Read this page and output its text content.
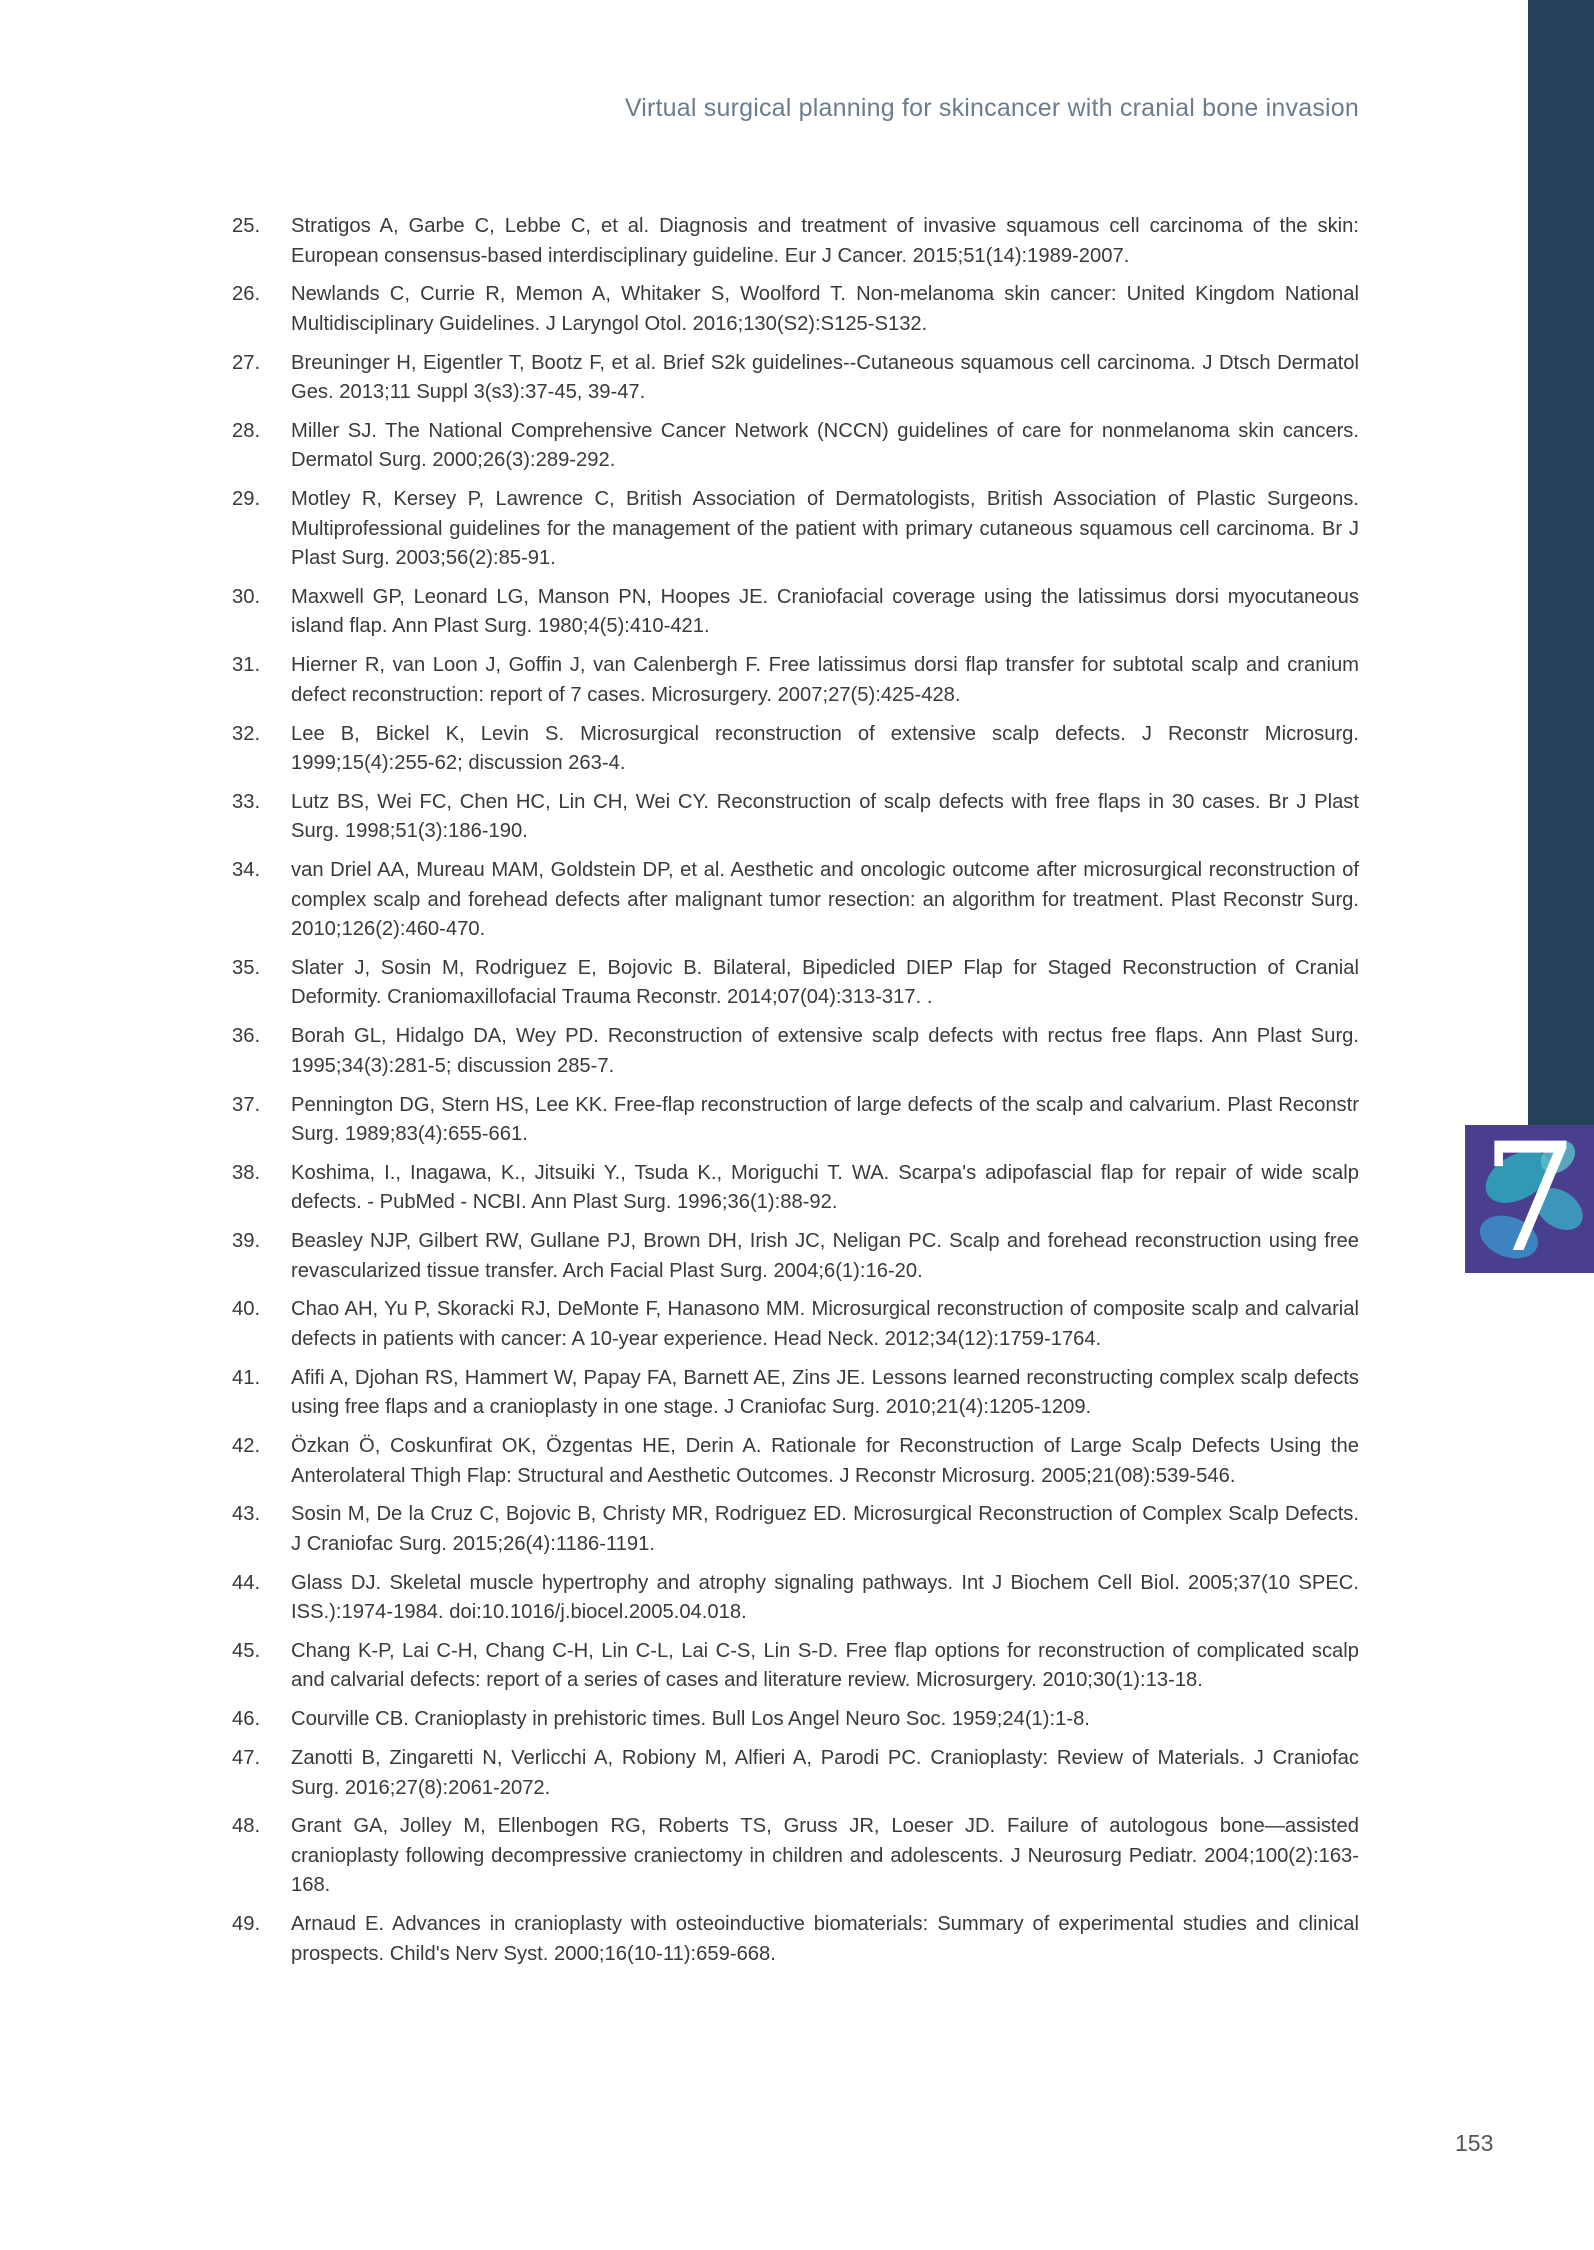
7
Virtual surgical planning for skincancer with cranial bone invasion
25.	Stratigos A, Garbe C, Lebbe C, et al. Diagnosis and treatment of invasive squamous cell carcinoma of the skin: European consensus-based interdisciplinary guideline. Eur J Cancer. 2015;51(14):1989-2007.
26.	Newlands C, Currie R, Memon A, Whitaker S, Woolford T. Non-melanoma skin cancer: United Kingdom National Multidisciplinary Guidelines. J Laryngol Otol. 2016;130(S2):S125-S132.
27.	Breuninger H, Eigentler T, Bootz F, et al. Brief S2k guidelines--Cutaneous squamous cell carcinoma. J Dtsch Dermatol Ges. 2013;11 Suppl 3(s3):37-45, 39-47.
28.	Miller SJ. The National Comprehensive Cancer Network (NCCN) guidelines of care for nonmelanoma skin cancers. Dermatol Surg. 2000;26(3):289-292.
29.	Motley R, Kersey P, Lawrence C, British Association of Dermatologists, British Association of Plastic Surgeons. Multiprofessional guidelines for the management of the patient with primary cutaneous squamous cell carcinoma. Br J Plast Surg. 2003;56(2):85-91.
30.	Maxwell GP, Leonard LG, Manson PN, Hoopes JE. Craniofacial coverage using the latissimus dorsi myocutaneous island flap. Ann Plast Surg. 1980;4(5):410-421.
31.	Hierner R, van Loon J, Goffin J, van Calenbergh F. Free latissimus dorsi flap transfer for subtotal scalp and cranium defect reconstruction: report of 7 cases. Microsurgery. 2007;27(5):425-428.
32.	Lee B, Bickel K, Levin S. Microsurgical reconstruction of extensive scalp defects. J Reconstr Microsurg. 1999;15(4):255-62; discussion 263-4.
33.	Lutz BS, Wei FC, Chen HC, Lin CH, Wei CY. Reconstruction of scalp defects with free flaps in 30 cases. Br J Plast Surg. 1998;51(3):186-190.
34.	van Driel AA, Mureau MAM, Goldstein DP, et al. Aesthetic and oncologic outcome after microsurgical reconstruction of complex scalp and forehead defects after malignant tumor resection: an algorithm for treatment. Plast Reconstr Surg. 2010;126(2):460-470.
35.	Slater J, Sosin M, Rodriguez E, Bojovic B. Bilateral, Bipedicled DIEP Flap for Staged Reconstruction of Cranial Deformity. Craniomaxillofacial Trauma Reconstr. 2014;07(04):313-317. .
36.	Borah GL, Hidalgo DA, Wey PD. Reconstruction of extensive scalp defects with rectus free flaps. Ann Plast Surg. 1995;34(3):281-5; discussion 285-7.
37.	Pennington DG, Stern HS, Lee KK. Free-flap reconstruction of large defects of the scalp and calvarium. Plast Reconstr Surg. 1989;83(4):655-661.
38.	Koshima, I., Inagawa, K., Jitsuiki Y., Tsuda K., Moriguchi T. WA. Scarpa's adipofascial flap for repair of wide scalp defects. - PubMed - NCBI. Ann Plast Surg. 1996;36(1):88-92.
39.	Beasley NJP, Gilbert RW, Gullane PJ, Brown DH, Irish JC, Neligan PC. Scalp and forehead reconstruction using free revascularized tissue transfer. Arch Facial Plast Surg. 2004;6(1):16-20.
40.	Chao AH, Yu P, Skoracki RJ, DeMonte F, Hanasono MM. Microsurgical reconstruction of composite scalp and calvarial defects in patients with cancer: A 10-year experience. Head Neck. 2012;34(12):1759-1764.
41.	Afifi A, Djohan RS, Hammert W, Papay FA, Barnett AE, Zins JE. Lessons learned reconstructing complex scalp defects using free flaps and a cranioplasty in one stage. J Craniofac Surg. 2010;21(4):1205-1209.
42.	Özkan Ö, Coskunfirat OK, Özgentas HE, Derin A. Rationale for Reconstruction of Large Scalp Defects Using the Anterolateral Thigh Flap: Structural and Aesthetic Outcomes. J Reconstr Microsurg. 2005;21(08):539-546.
43.	Sosin M, De la Cruz C, Bojovic B, Christy MR, Rodriguez ED. Microsurgical Reconstruction of Complex Scalp Defects. J Craniofac Surg. 2015;26(4):1186-1191.
44.	Glass DJ. Skeletal muscle hypertrophy and atrophy signaling pathways. Int J Biochem Cell Biol. 2005;37(10 SPEC. ISS.):1974-1984. doi:10.1016/j.biocel.2005.04.018.
45.	Chang K-P, Lai C-H, Chang C-H, Lin C-L, Lai C-S, Lin S-D. Free flap options for reconstruction of complicated scalp and calvarial defects: report of a series of cases and literature review. Microsurgery. 2010;30(1):13-18.
46.	Courville CB. Cranioplasty in prehistoric times. Bull Los Angel Neuro Soc. 1959;24(1):1-8.
47.	Zanotti B, Zingaretti N, Verlicchi A, Robiony M, Alfieri A, Parodi PC. Cranioplasty: Review of Materials. J Craniofac Surg. 2016;27(8):2061-2072.
48.	Grant GA, Jolley M, Ellenbogen RG, Roberts TS, Gruss JR, Loeser JD. Failure of autologous bone—assisted cranioplasty following decompressive craniectomy in children and adolescents. J Neurosurg Pediatr. 2004;100(2):163-168.
49.	Arnaud E. Advances in cranioplasty with osteoinductive biomaterials: Summary of experimental studies and clinical prospects. Child's Nerv Syst. 2000;16(10-11):659-668.
153
